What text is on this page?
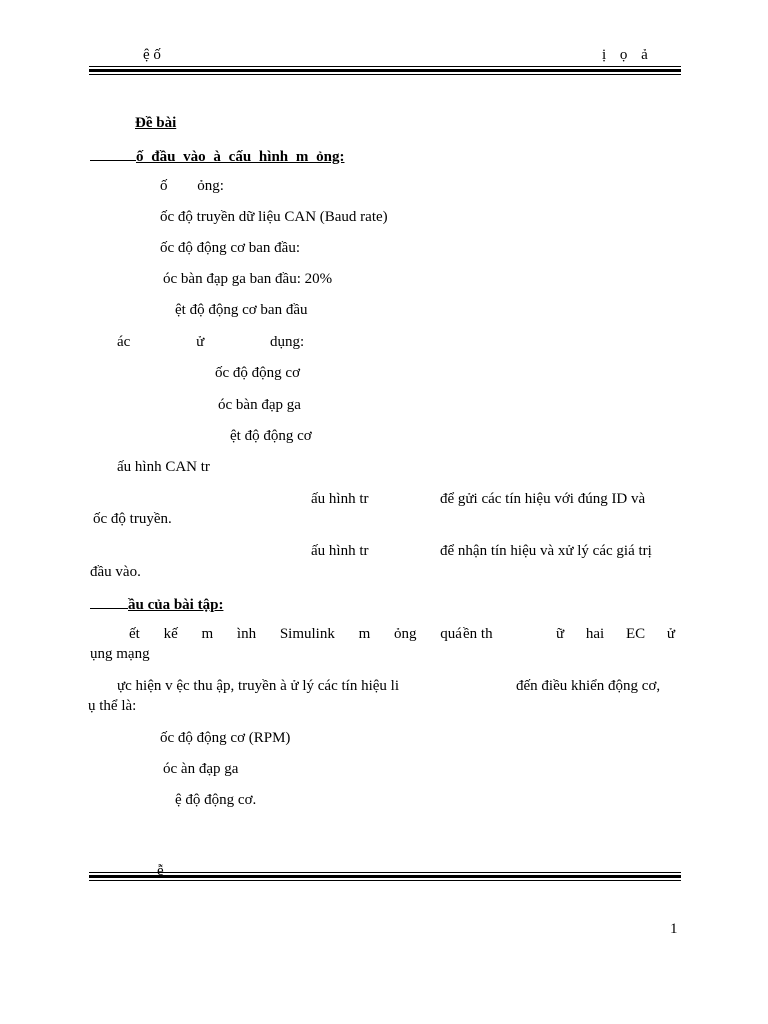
ệ ố	ị ọ ả
Đề bài
ố đầu vào à cấu hình m ỏng:
ố ỏng:
ốc độ truyền dữ liệu CAN (Baud rate)
ốc độ động cơ ban đầu:
óc bàn đạp ga ban đầu: 20%
ệt độ động cơ ban đầu
ác ử dụng:
ốc độ động cơ
óc bàn đạp ga
ệt độ động cơ
ấu hình CAN tr
ấu hình tr	để gửi các tín hiệu với đúng ID và
ốc độ truyền.
ấu hình tr	để nhận tín hiệu và xử lý các giá trị
đầu vào.
ầu của bài tập:
ết kế m ình Simulink m ỏng quá ền th	ữ hai EC ử
ụng mạng
ực hiện v ệc thu ập, truyền à ử lý các tín hiệu li	đến điều khiển động cơ,
ụ thể là:
ốc độ động cơ (RPM)
óc àn đạp ga
ệ độ động cơ.
ễ
1
